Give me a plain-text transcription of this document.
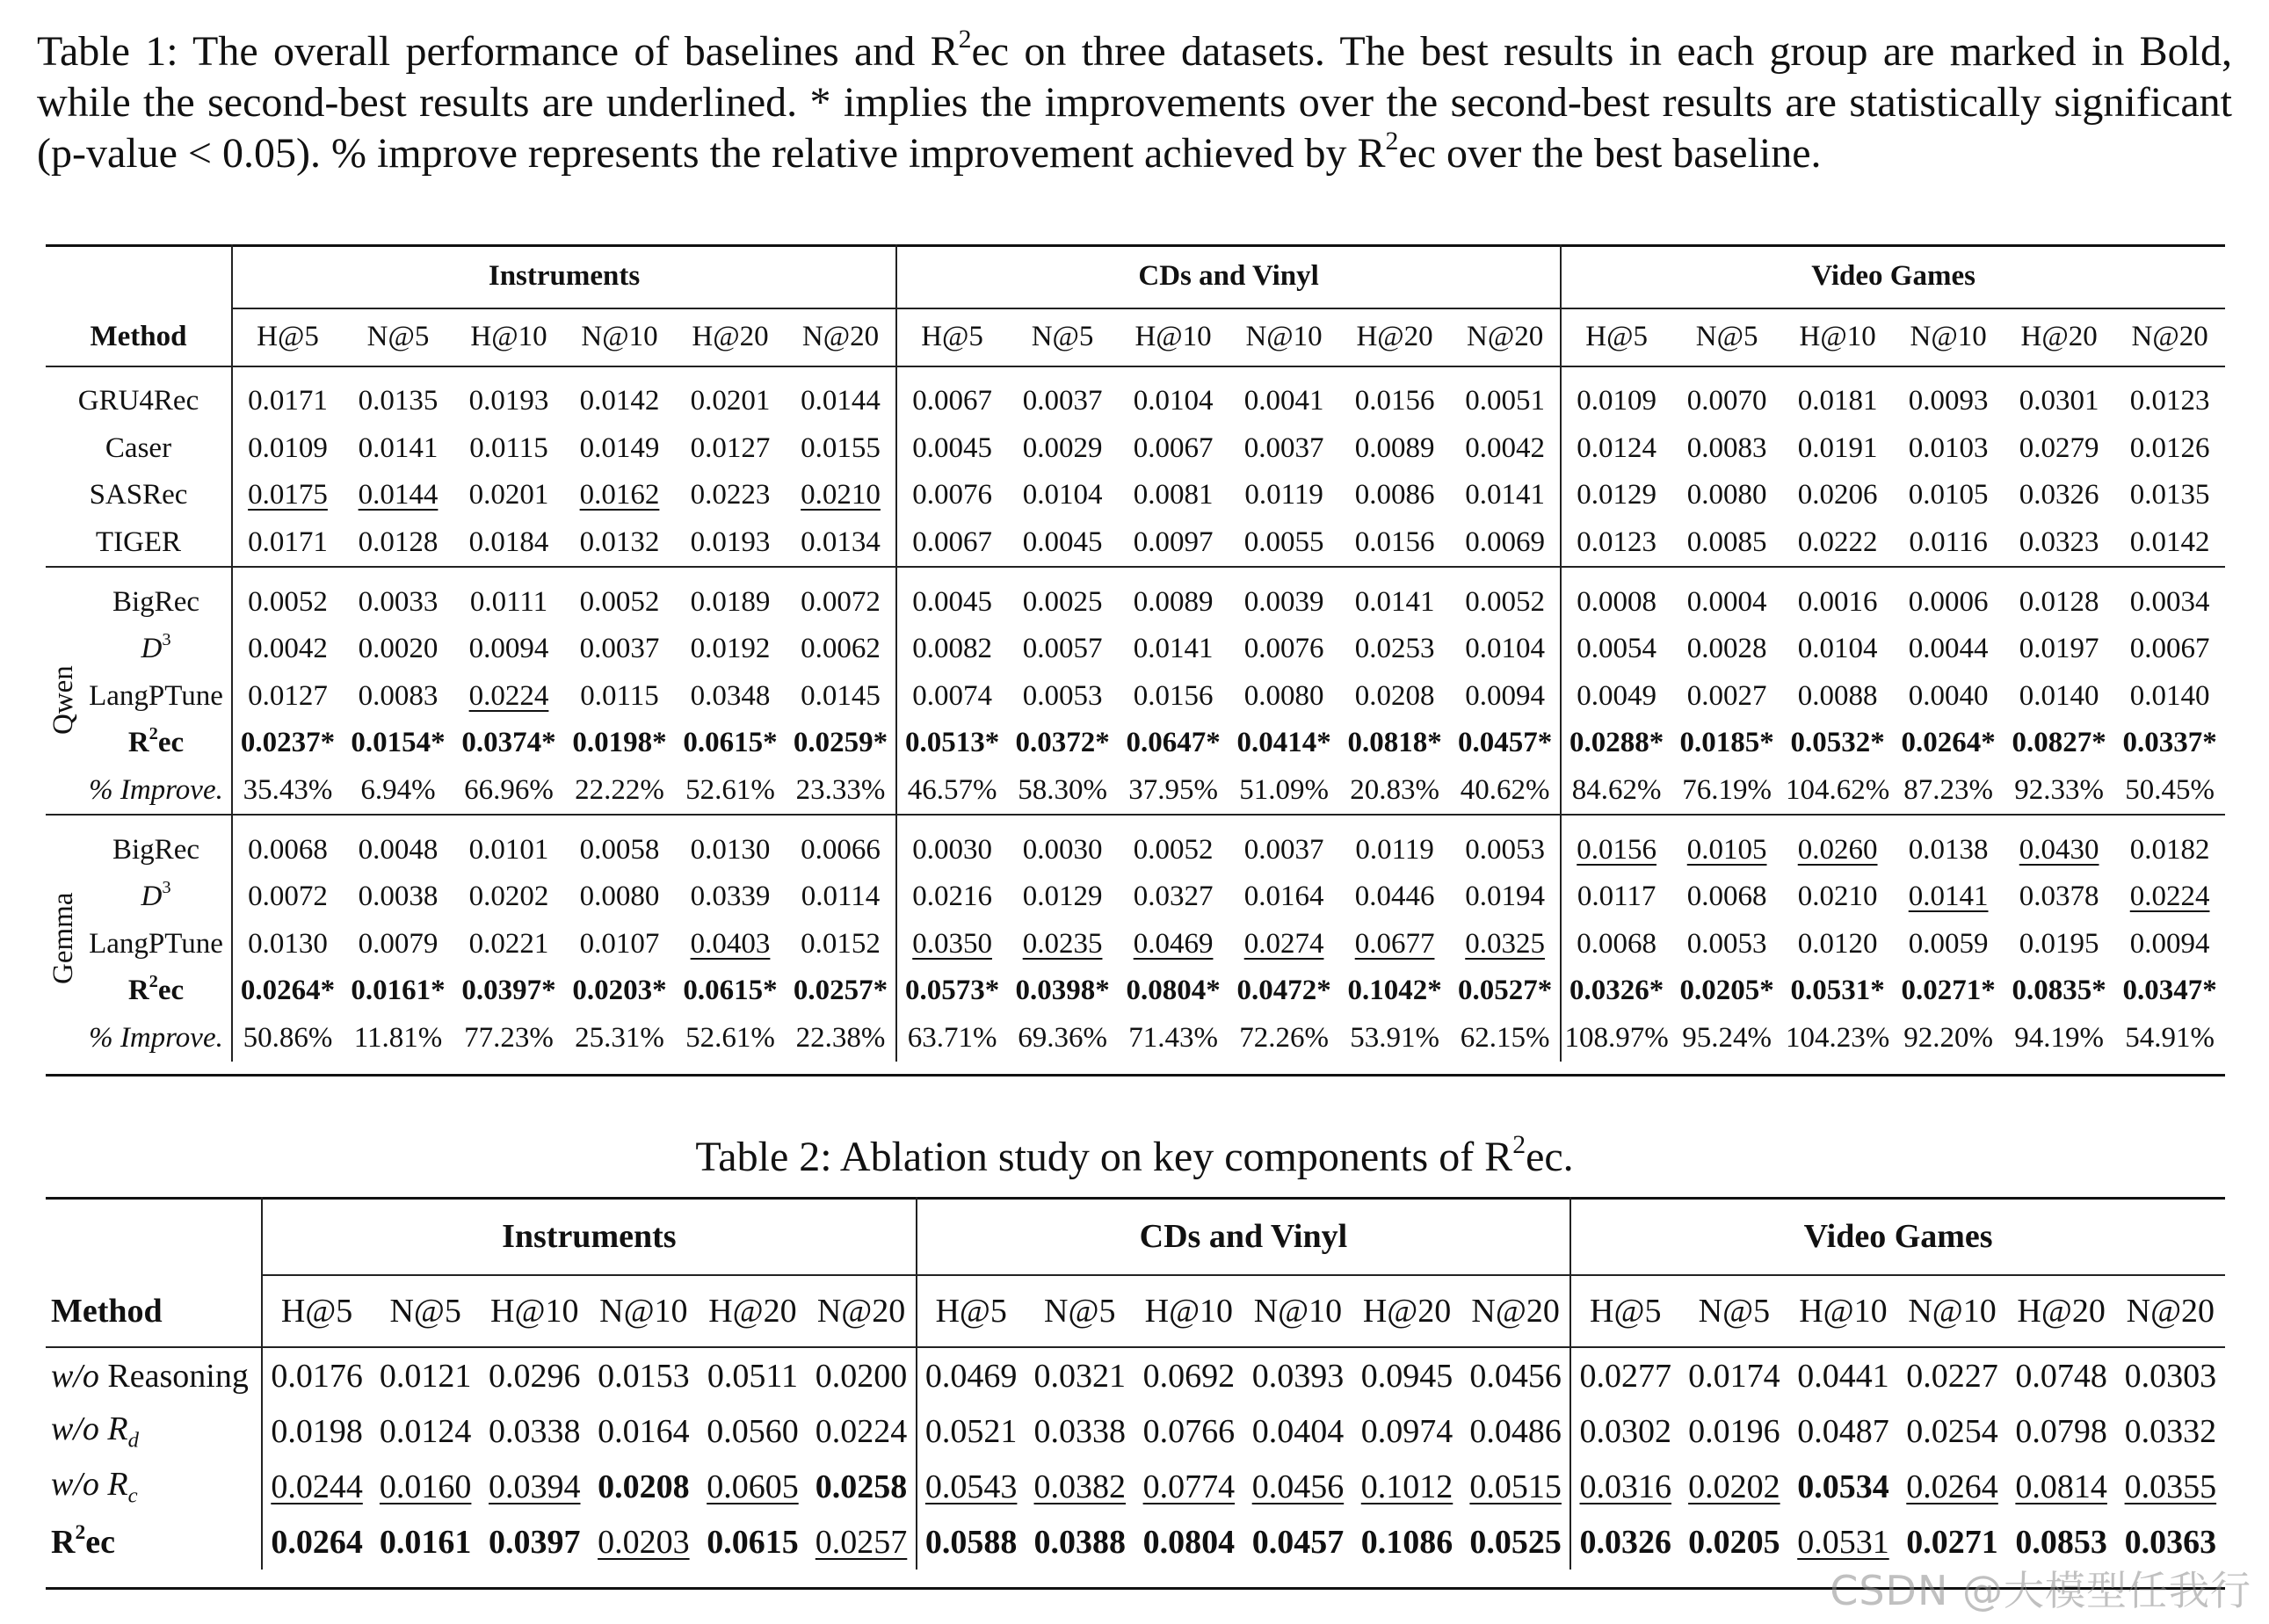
Table 1: The overall performance of baselines and $R^2ec$ on three datasets. The best results in each group are marked in Bold, while the second-best results are underlined. * implies the improvements over the second-best results are statistically significant (p-value < 0.05). % improve represents the relative improvement achieved by $R^2ec$ over the best baseline.
	Instruments						CDs and Vinyl						Video Games					
Method	H@5	N@5	H@10	N@10	H@20	N@20	H@5	N@5	H@10	N@10	H@20	N@20	H@5	N@5	H@10	N@10	H@20	N@20
GRU4Rec	0.0171	0.0135	0.0193	0.0142	0.0201	0.0144	0.0067	0.0037	0.0104	0.0041	0.0156	0.0051	0.0109	0.0070	0.0181	0.0093	0.0301	0.0123
Caser	0.0109	0.0141	0.0115	0.0149	0.0127	0.0155	0.0045	0.0029	0.0067	0.0037	0.0089	0.0042	0.0124	0.0083	0.0191	0.0103	0.0279	0.0126
SASRec	0.0175	0.0144	0.0201	0.0162	0.0223	0.0210	0.0076	0.0104	0.0081	0.0119	0.0086	0.0141	0.0129	0.0080	0.0206	0.0105	0.0326	0.0135
TIGER	0.0171	0.0128	0.0184	0.0132	0.0193	0.0134	0.0067	0.0045	0.0097	0.0055	0.0156	0.0069	0.0123	0.0085	0.0222	0.0116	0.0323	0.0142
BigRec	0.0052	0.0033	0.0111	0.0052	0.0189	0.0072	0.0045	0.0025	0.0089	0.0039	0.0141	0.0052	0.0008	0.0004	0.0016	0.0006	0.0128	0.0034
$D^3$	0.0042	0.0020	0.0094	0.0037	0.0192	0.0062	0.0082	0.0057	0.0141	0.0076	0.0253	0.0104	0.0054	0.0028	0.0104	0.0044	0.0197	0.0067
LangPTune	0.0127	0.0083	0.0224	0.0115	0.0348	0.0145	0.0074	0.0053	0.0156	0.0080	0.0208	0.0094	0.0049	0.0027	0.0088	0.0040	0.0140	0.0140
$R^2ec$	0.0237*	0.0154*	0.0374*	0.0198*	0.0615*	0.0259*	0.0513*	0.0372*	0.0647*	0.0414*	0.0818*	0.0457*	0.0288*	0.0185*	0.0532*	0.0264*	0.0827*	0.0337*
% Improve.	35.43%	6.94%	66.96%	22.22%	52.61%	23.33%	46.57%	58.30%	37.95%	51.09%	20.83%	40.62%	84.62%	76.19%	104.62%	87.23%	92.33%	50.45%
BigRec	0.0068	0.0048	0.0101	0.0058	0.0130	0.0066	0.0030	0.0030	0.0052	0.0037	0.0119	0.0053	0.0156	0.0105	0.0260	0.0138	0.0430	0.0182
$D^3$	0.0072	0.0038	0.0202	0.0080	0.0339	0.0114	0.0216	0.0129	0.0327	0.0164	0.0446	0.0194	0.0117	0.0068	0.0210	0.0141	0.0378	0.0224
LangPTune	0.0130	0.0079	0.0221	0.0107	0.0403	0.0152	0.0350	0.0235	0.0469	0.0274	0.0677	0.0325	0.0068	0.0053	0.0120	0.0059	0.0195	0.0094
$R^2ec$	0.0264*	0.0161*	0.0397*	0.0203*	0.0615*	0.0257*	0.0573*	0.0398*	0.0804*	0.0472*	0.1042*	0.0527*	0.0326*	0.0205*	0.0531*	0.0271*	0.0835*	0.0347*
% Improve.	50.86%	11.81%	77.23%	25.31%	52.61%	22.38%	63.71%	69.36%	71.43%	72.26%	53.91%	62.15%	108.97%	95.24%	104.23%	92.20%	94.19%	54.91%
Qwen
Gemma
Table 2: Ablation study on key components of $R^2ec$.
	Instruments						CDs and Vinyl						Video Games					
Method	H@5	N@5	H@10	N@10	H@20	N@20	H@5	N@5	H@10	N@10	H@20	N@20	H@5	N@5	H@10	N@10	H@20	N@20
w/o Reasoning	0.0176	0.0121	0.0296	0.0153	0.0511	0.0200	0.0469	0.0321	0.0692	0.0393	0.0945	0.0456	0.0277	0.0174	0.0441	0.0227	0.0748	0.0303
w/o $R_d$	0.0198	0.0124	0.0338	0.0164	0.0560	0.0224	0.0521	0.0338	0.0766	0.0404	0.0974	0.0486	0.0302	0.0196	0.0487	0.0254	0.0798	0.0332
w/o $R_c$	0.0244	0.0160	0.0394	0.0208	0.0605	0.0258	0.0543	0.0382	0.0774	0.0456	0.1012	0.0515	0.0316	0.0202	0.0534	0.0264	0.0814	0.0355
$R^2ec$	0.0264	0.0161	0.0397	0.0203	0.0615	0.0257	0.0588	0.0388	0.0804	0.0457	0.1086	0.0525	0.0326	0.0205	0.0531	0.0271	0.0853	0.0363
CSDN @大模型任我行
